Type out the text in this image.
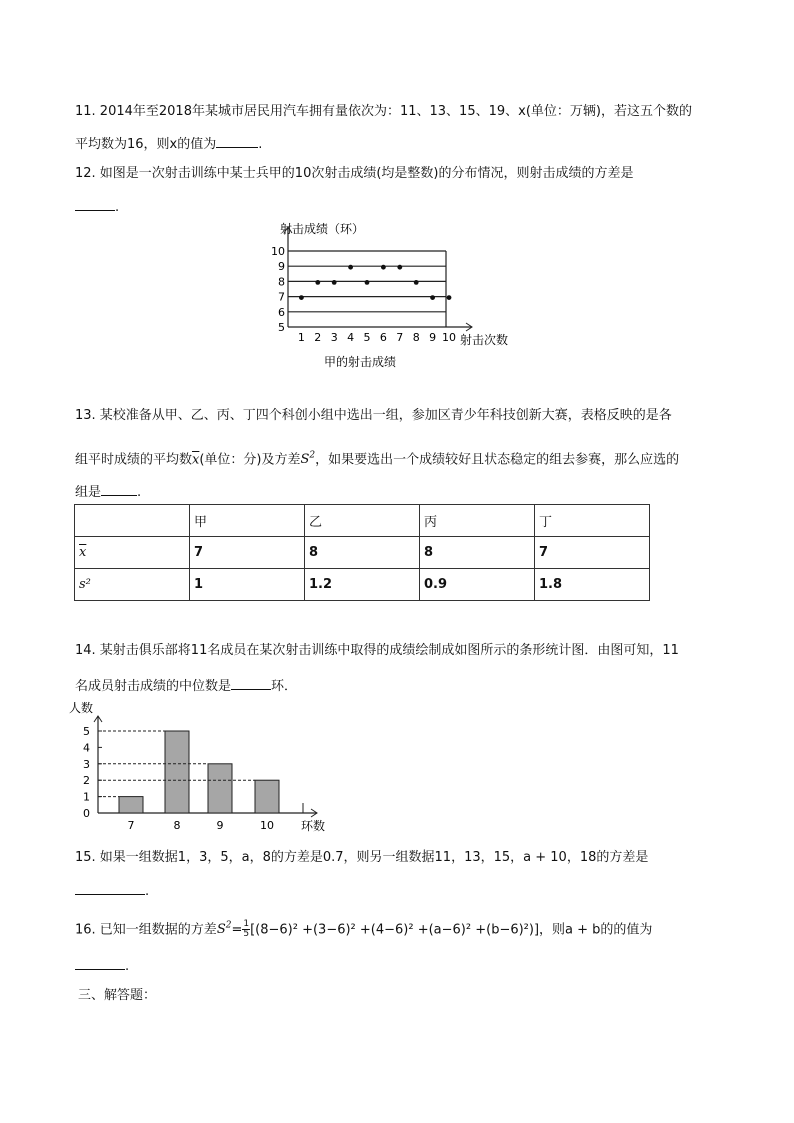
11. 2014年至2018年某城市居民用汽车拥有量依次为：11、13、15、19、x(单位：万辆)，若这五个数的
平均数为16，则x的值为	.
12. 如图是一次射击训练中某士兵甲的10次射击成绩(均是整数)的分布情况，则射击成绩的方差是
.
射击成绩（环）
射击次数
甲的射击成绩
5
6
7
8
9
10
1 2 3 4 5 6 7 8 9 10
13. 某校准备从甲、乙、丙、丁四个科创小组中选出一组，参加区青少年科技创新大赛，表格反映的是各
组平时成绩的平均数$\overline{x}$(单位：分)及方差$S^2$，如果要选出一个成绩较好且状态稳定的组去参赛，那么应选的
组是	.
	甲	乙	丙	丁
$\overline{x}$	7	8	8	7
s²	1	1.2	0.9	1.8
14. 某射击俱乐部将11名成员在某次射击训练中取得的成绩绘制成如图所示的条形统计图．由图可知，11
名成员射击成绩的中位数是	环．
人数
环数
0
1
2
3
4
5
7	8	9	10
15. 如果一组数据1，3，5，a，8的方差是0.7，则另一组数据11，13，15，a + 10，18的方差是
.
16. 已知一组数据的方差$S^2= \frac{1}{5} [(8-6)^2 +(3-6)^2 +(4-6)^2 +(a-6)^2 +(b-6)^2)$]，则a + b的的值为
.
三、解答题：
